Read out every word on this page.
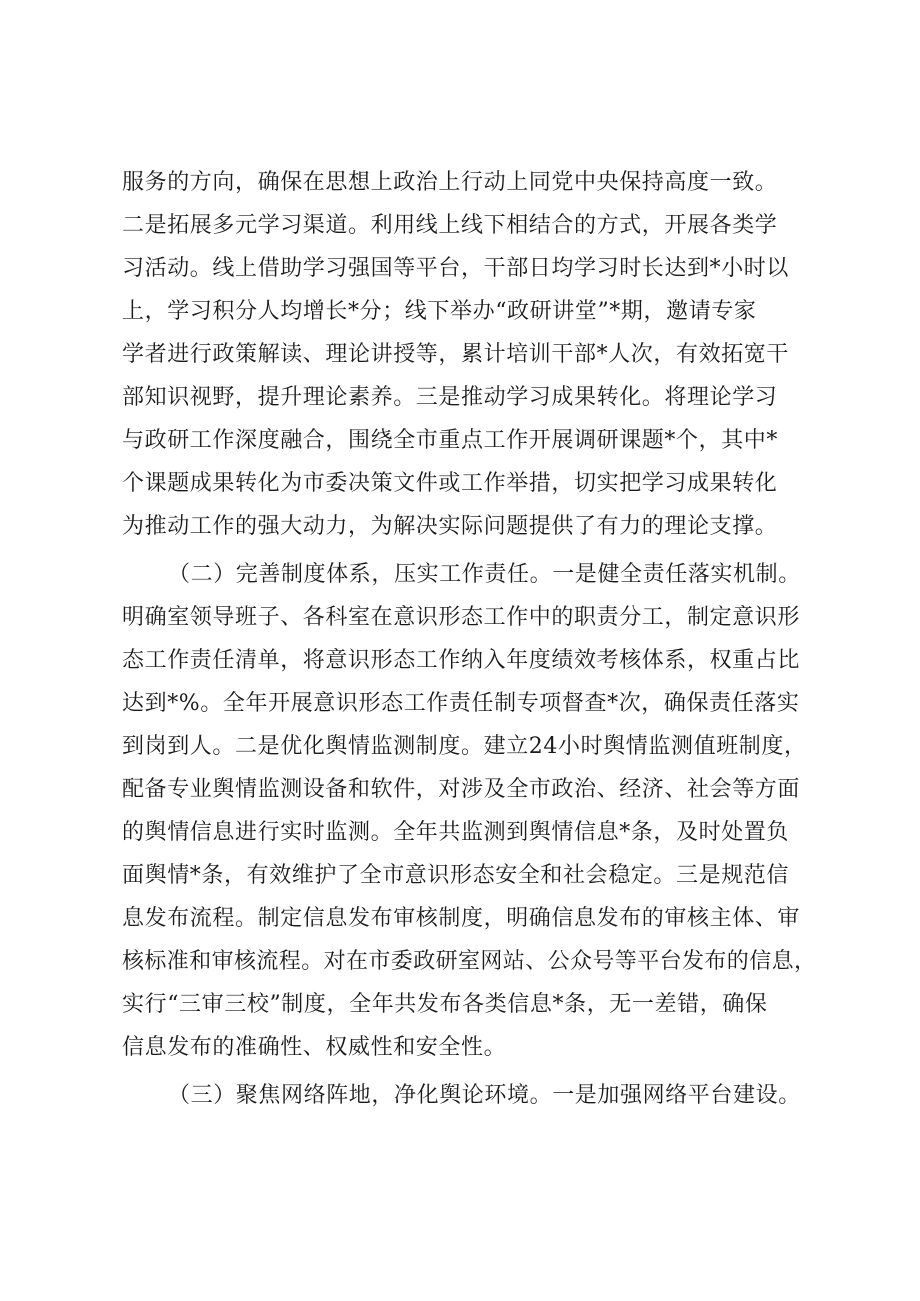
服务的方向，确保在思想上政治上行动上同党中央保持高度一致。
二是拓展多元学习渠道。利用线上线下相结合的方式，开展各类学
习活动。线上借助学习强国等平台，干部日均学习时长达到*小时以
上，学习积分人均增长*分；线下举办“政研讲堂”*期，邀请专家
学者进行政策解读、理论讲授等，累计培训干部*人次，有效拓宽干
部知识视野，提升理论素养。三是推动学习成果转化。将理论学习
与政研工作深度融合，围绕全市重点工作开展调研课题*个，其中*
个课题成果转化为市委决策文件或工作举措，切实把学习成果转化
为推动工作的强大动力，为解决实际问题提供了有力的理论支撑。
（二）完善制度体系，压实工作责任。一是健全责任落实机制。
明确室领导班子、各科室在意识形态工作中的职责分工，制定意识形
态工作责任清单，将意识形态工作纳入年度绩效考核体系，权重占比
达到*%。全年开展意识形态工作责任制专项督查*次，确保责任落实
到岗到人。二是优化舆情监测制度。建立24小时舆情监测值班制度，
配备专业舆情监测设备和软件，对涉及全市政治、经济、社会等方面
的舆情信息进行实时监测。全年共监测到舆情信息*条，及时处置负
面舆情*条，有效维护了全市意识形态安全和社会稳定。三是规范信
息发布流程。制定信息发布审核制度，明确信息发布的审核主体、审
核标准和审核流程。对在市委政研室网站、公众号等平台发布的信息，
实行“三审三校”制度，全年共发布各类信息*条，无一差错，确保
信息发布的准确性、权威性和安全性。
（三）聚焦网络阵地，净化舆论环境。一是加强网络平台建设。
